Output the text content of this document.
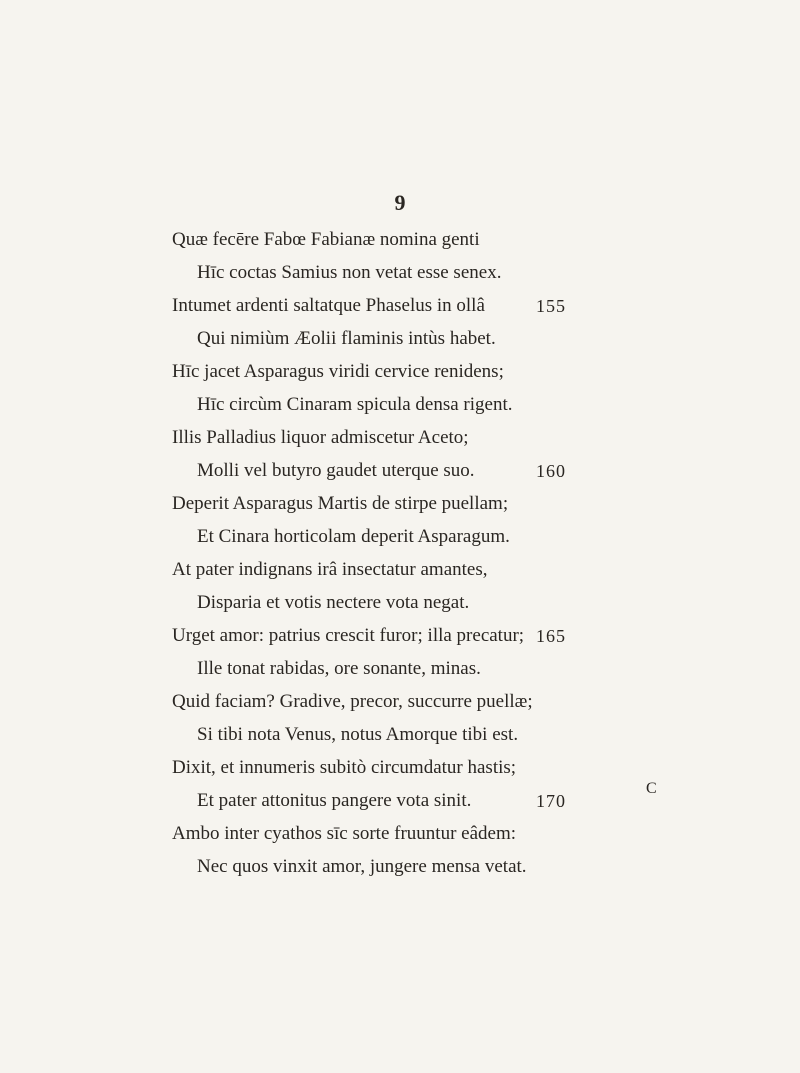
9
Quæ fecēre Fabœ Fabianæ nomina genti
Hīc coctas Samius non vetat esse senex.
Intumet ardenti saltatque Phaselus in ollâ	155
Qui nimiùm Æolii flaminis intùs habet.
Hīc jacet Asparagus viridi cervice renidens;
Hīc circùm Cinaram spicula densa rigent.
Illis Palladius liquor admiscetur Aceto;
Molli vel butyro gaudet uterque suo.	160
Deperit Asparagus Martis de stirpe puellam;
Et Cinara horticolam deperit Asparagum.
At pater indignans irâ insectatur amantes,
Disparia et votis nectere vota negat.
Urget amor: patrius crescit furor; illa precatur; 165
Ille tonat rabidas, ore sonante, minas.
Quid faciam? Gradive, precor, succurre puellæ;
Si tibi nota Venus, notus Amorque tibi est.
Dixit, et innumeris subitò circumdatur hastis;
Et pater attonitus pangere vota sinit.	170
Ambo inter cyathos sīc sorte fruuntur eâdem:
Nec quos vinxit amor, jungere mensa vetat.
C
